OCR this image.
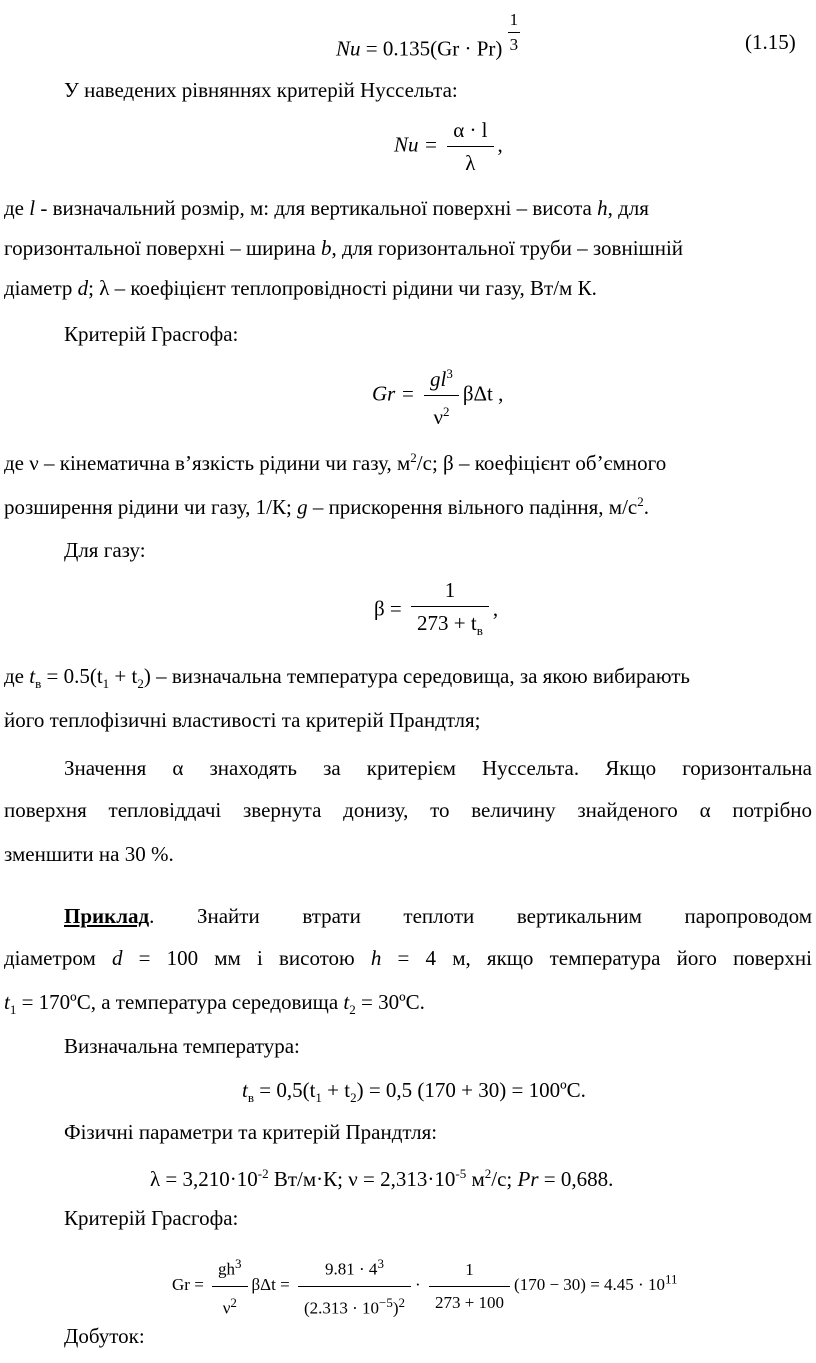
$Nu = 0.135(Gr \cdot Pr) \frac{1}{3}$	(1.15)
У наведених рівняннях критерій Нуссельта:
$Nu = \frac{\alpha \cdot l}{\lambda}$ ,
де l - визначальний розмір, м: для вертикальної поверхні – висота h, для
горизонтальної поверхні – ширина b, для горизонтальної труби – зовнішній
діаметр d; λ – коефіцієнт теплопровідності рідини чи газу, Вт/м К.
Критерій Грасгофа:
$Gr = \frac{gl^3}{\nu^2}$ βΔt ,
де ν – кінематична в’язкість рідини чи газу, $м^2/с$; β – коефіцієнт об’ємного
розширення рідини чи газу, 1/К; g – прискорення вільного падіння, $м/с^2$.
Для газу:
$\beta = \frac{1}{273 + t_в}$ ,
де $t_в = 0.5(t_1 + t_2)$ – визначальна температура середовища, за якою вибирають
його теплофізичні властивості та критерій Прандтля;
Значення α знаходять за критерієм Нуссельта. Якщо горизонтальна
поверхня тепловіддачі звернута донизу, то величину знайденого α потрібно
зменшити на 30 %.
Приклад. Знайти втрати теплоти вертикальним паропроводом
діаметром d = 100 мм і висотою h = 4 м, якщо температура його поверхні
$t_1$ = 170ºC, а температура середовища $t_2$ = 30ºC.
Визначальна температура:
$t_в = 0,5(t_1 + t_2) = 0,5$ (170 + 30) = 100ºС.
Фізичні параметри та критерій Прандтля:
$\lambda = 3,210\cdot 10^{-2}$ Вт/м·К; $\nu = 2,313\cdot 10^{-5}$ $м^2/с$; Pr = 0,688.
Критерій Грасгофа:
$Gr = \frac{gh^3}{\nu^2}$ $\beta\Delta t = \frac{9.81 \cdot 4^3}{(2.313 \cdot 10^{-5})^2} \cdot \frac{1}{273 + 100} (170 - 30) = 4.45 \cdot 10^{11}$
Добуток:
